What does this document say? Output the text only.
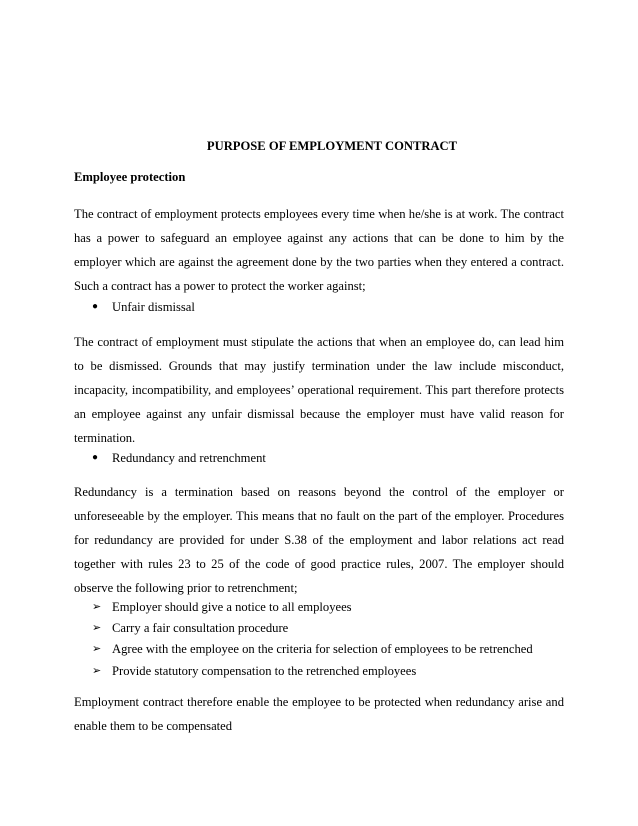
PURPOSE OF EMPLOYMENT CONTRACT
Employee protection

The contract of employment protects employees every time when he/she is at work. The contract has a power to safeguard an employee against any actions that can be done to him by the employer which are against the agreement done by the two parties when they entered a contract. Such a contract has a power to protect the worker against;

●	Unfair dismissal

The contract of employment must stipulate the actions that when an employee do, can lead him to be dismissed. Grounds that may justify termination under the law include misconduct, incapacity, incompatibility, and employees’ operational requirement. This part therefore protects an employee against any unfair dismissal because the employer must have valid reason for termination.

●	Redundancy and retrenchment

Redundancy is a termination based on reasons beyond the control of the employer or unforeseeable by the employer. This means that no fault on the part of the employer. Procedures for redundancy are provided for under S.38 of the employment and labor relations act read together with rules 23 to 25 of the code of good practice rules, 2007. The employer should observe the following prior to retrenchment;

➢ Employer should give a notice to all employees
➢ Carry a fair consultation procedure
➢ Agree with the employee on the criteria for selection of employees to be retrenched
➢ Provide statutory compensation to the retrenched employees

Employment contract therefore enable the employee to be protected when redundancy arise and enable them to be compensated
